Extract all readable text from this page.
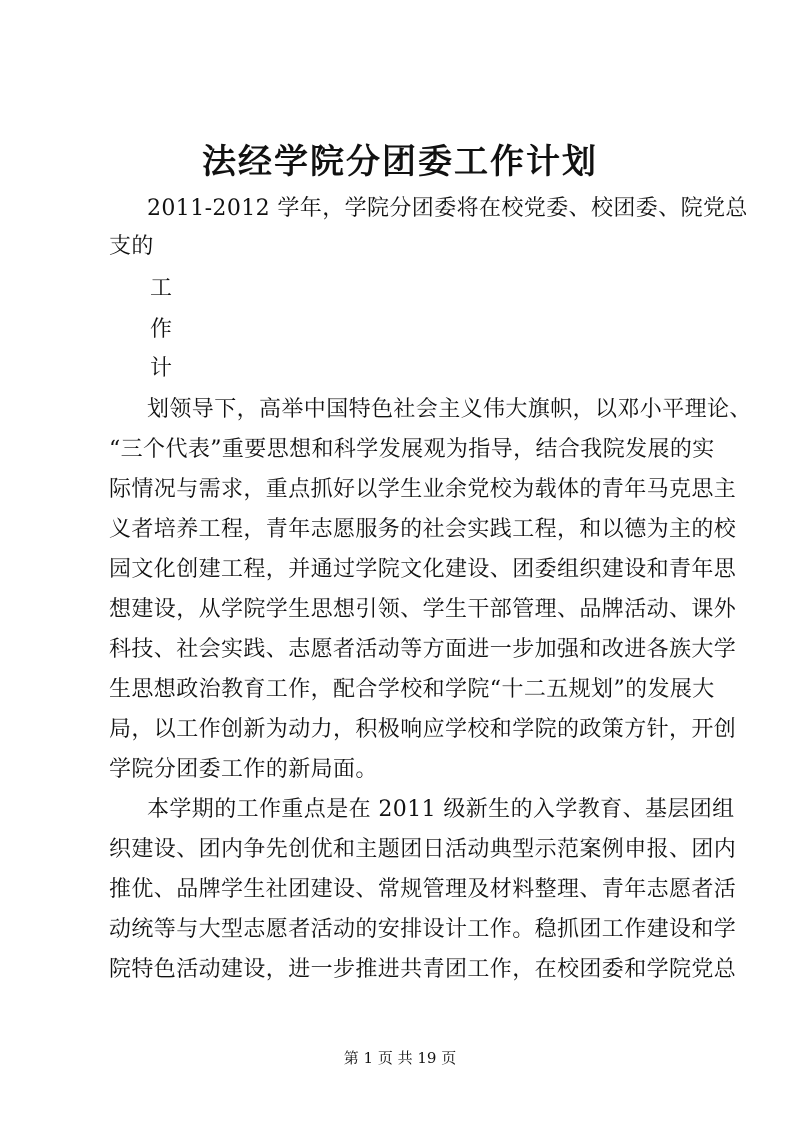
法经学院分团委工作计划
2011-2012 学年，学院分团委将在校党委、校团委、院党总
支的
工
作
计
划领导下，高举中国特色社会主义伟大旗帜，以邓小平理论、
“三个代表”重要思想和科学发展观为指导，结合我院发展的实
际情况与需求，重点抓好以学生业余党校为载体的青年马克思主
义者培养工程，青年志愿服务的社会实践工程，和以德为主的校
园文化创建工程，并通过学院文化建设、团委组织建设和青年思
想建设，从学院学生思想引领、学生干部管理、品牌活动、课外
科技、社会实践、志愿者活动等方面进一步加强和改进各族大学
生思想政治教育工作，配合学校和学院“十二五规划”的发展大
局，以工作创新为动力，积极响应学校和学院的政策方针，开创
学院分团委工作的新局面。
本学期的工作重点是在 2011 级新生的入学教育、基层团组
织建设、团内争先创优和主题团日活动典型示范案例申报、团内
推优、品牌学生社团建设、常规管理及材料整理、青年志愿者活
动统等与大型志愿者活动的安排设计工作。稳抓团工作建设和学
院特色活动建设，进一步推进共青团工作，在校团委和学院党总
第 1 页 共 19 页
